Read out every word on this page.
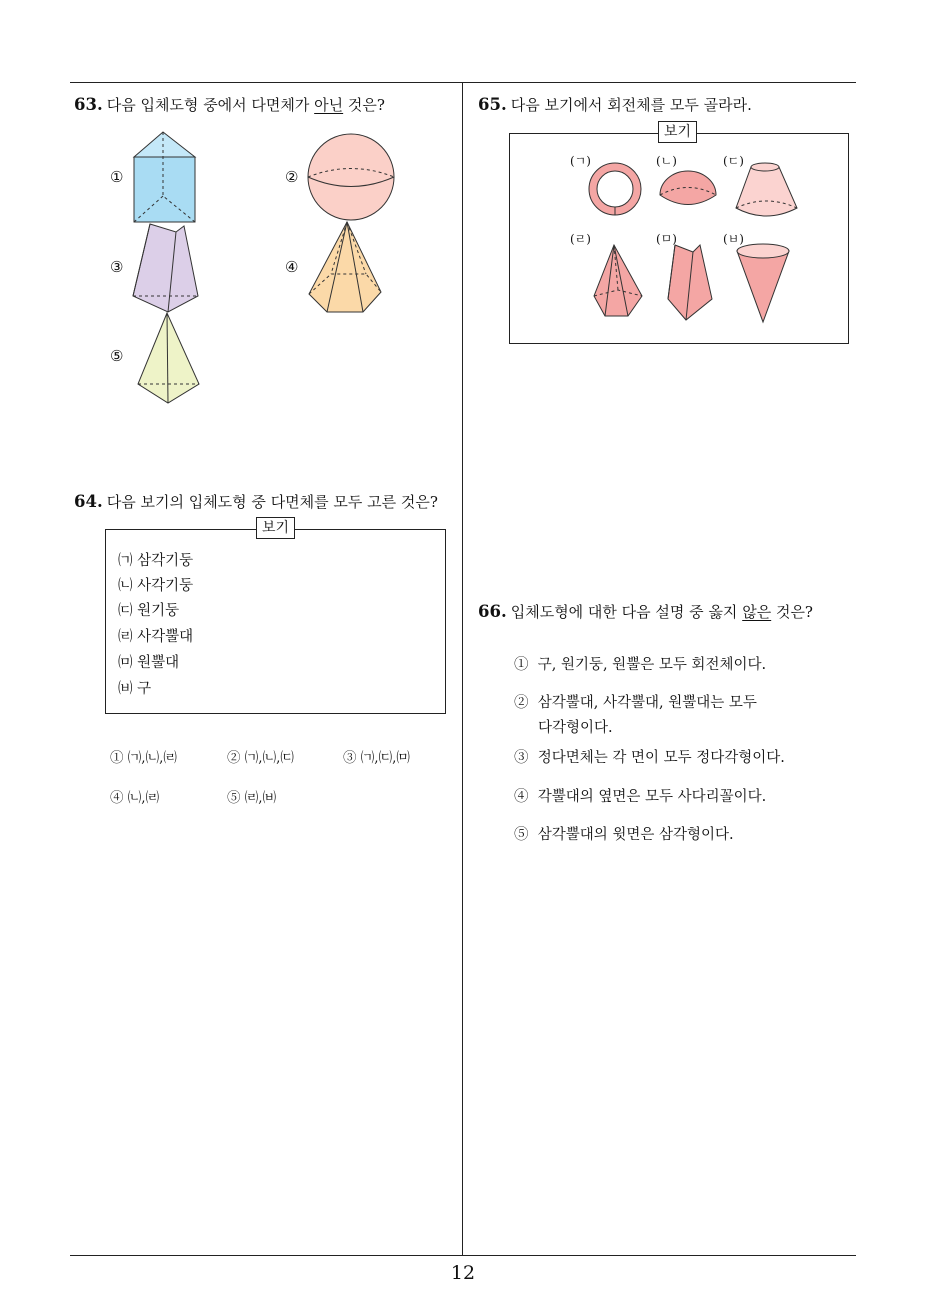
12
63. 다음 입체도형 중에서 다면체가 아닌 것은?
①	②
③	④
⑤
64. 다음 보기의 입체도형 중 다면체를 모두 고른 것은?
보기
㈀ 삼각기둥
㈁ 사각기둥
㈂ 원기둥
㈃ 사각뿔대
㈄ 원뿔대
㈅ 구
① ㈀,㈁,㈃	② ㈀,㈁,㈂	③ ㈀,㈂,㈄
④ ㈁,㈃	⑤ ㈃,㈅
65. 다음 보기에서 회전체를 모두 골라라.
보기
(ㄱ)	(ㄴ)	(ㄷ)
(ㄹ)	(ㅁ)	(ㅂ)
66. 입체도형에 대한 다음 설명 중 옳지 않은 것은?
① 구, 원기둥, 원뿔은 모두 회전체이다.
② 삼각뿔대, 사각뿔대, 원뿔대는 모두
다각형이다.
③ 정다면체는 각 면이 모두 정다각형이다.
④ 각뿔대의 옆면은 모두 사다리꼴이다.
⑤ 삼각뿔대의 윗면은 삼각형이다.
